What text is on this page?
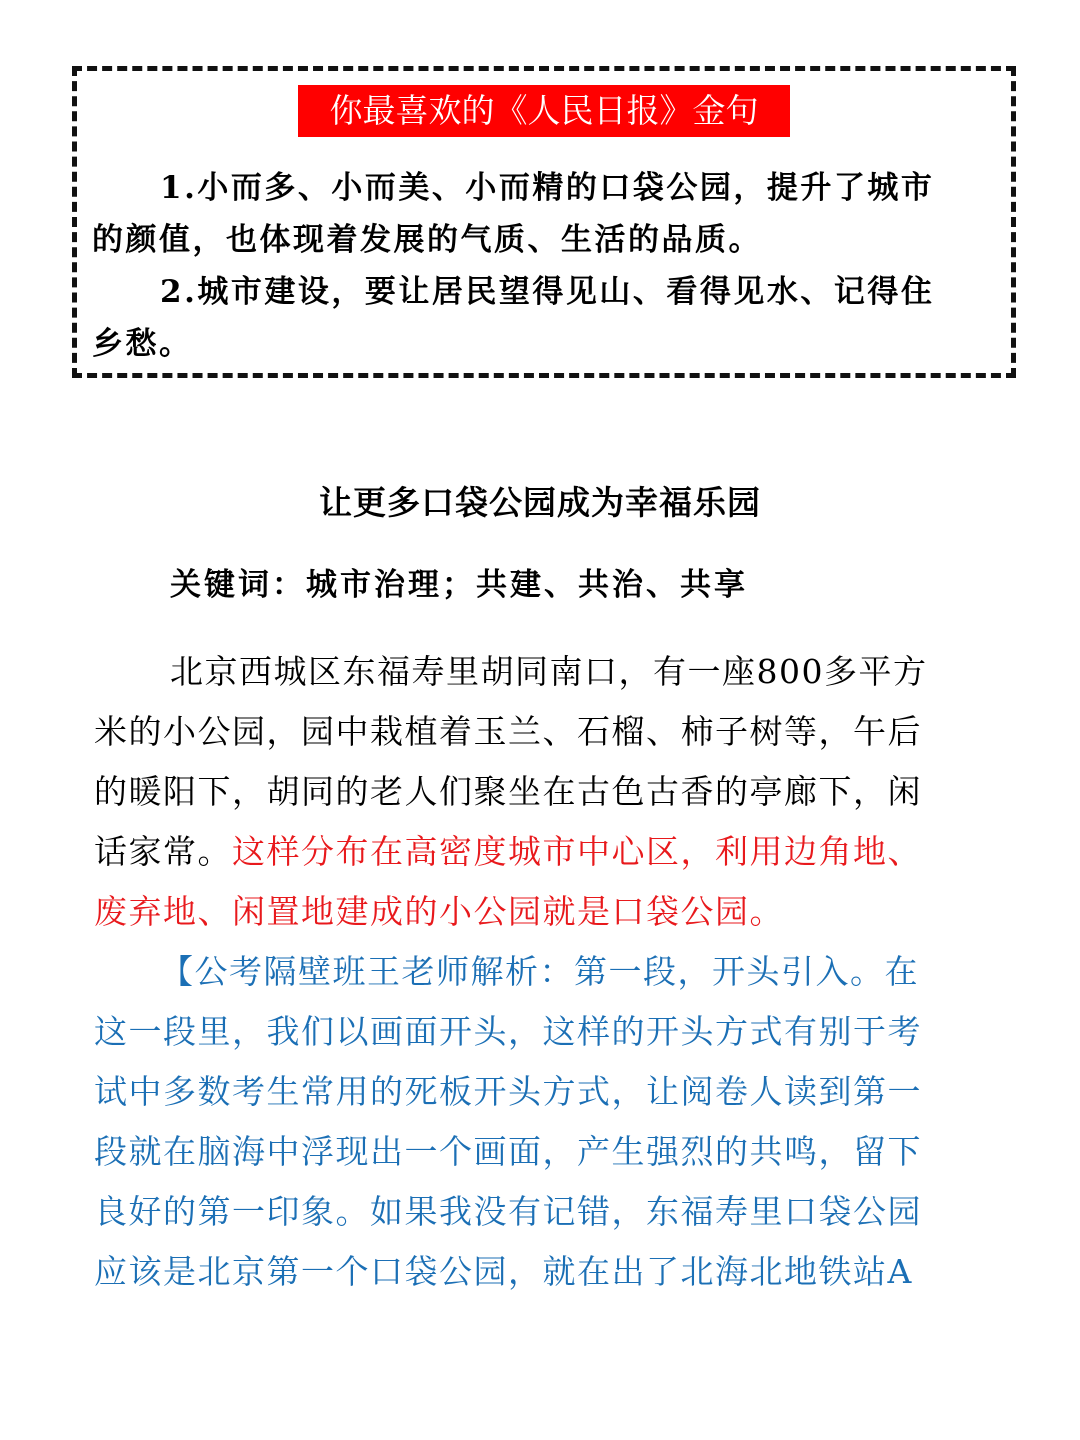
你最喜欢的《人民日报》金句
1.小而多、小而美、小而精的口袋公园，提升了城市
的颜值，也体现着发展的气质、生活的品质。
2.城市建设，要让居民望得见山、看得见水、记得住
乡愁。
让更多口袋公园成为幸福乐园
关键词：城市治理；共建、共治、共享
北京西城区东福寿里胡同南口，有一座800多平方
米的小公园，园中栽植着玉兰、石榴、柿子树等，午后
的暖阳下，胡同的老人们聚坐在古色古香的亭廊下，闲
话家常。这样分布在高密度城市中心区，利用边角地、
废弃地、闲置地建成的小公园就是口袋公园。
【公考隔壁班王老师解析：第一段，开头引入。在
这一段里，我们以画面开头，这样的开头方式有别于考
试中多数考生常用的死板开头方式，让阅卷人读到第一
段就在脑海中浮现出一个画面，产生强烈的共鸣，留下
良好的第一印象。如果我没有记错，东福寿里口袋公园
应该是北京第一个口袋公园，就在出了北海北地铁站A
